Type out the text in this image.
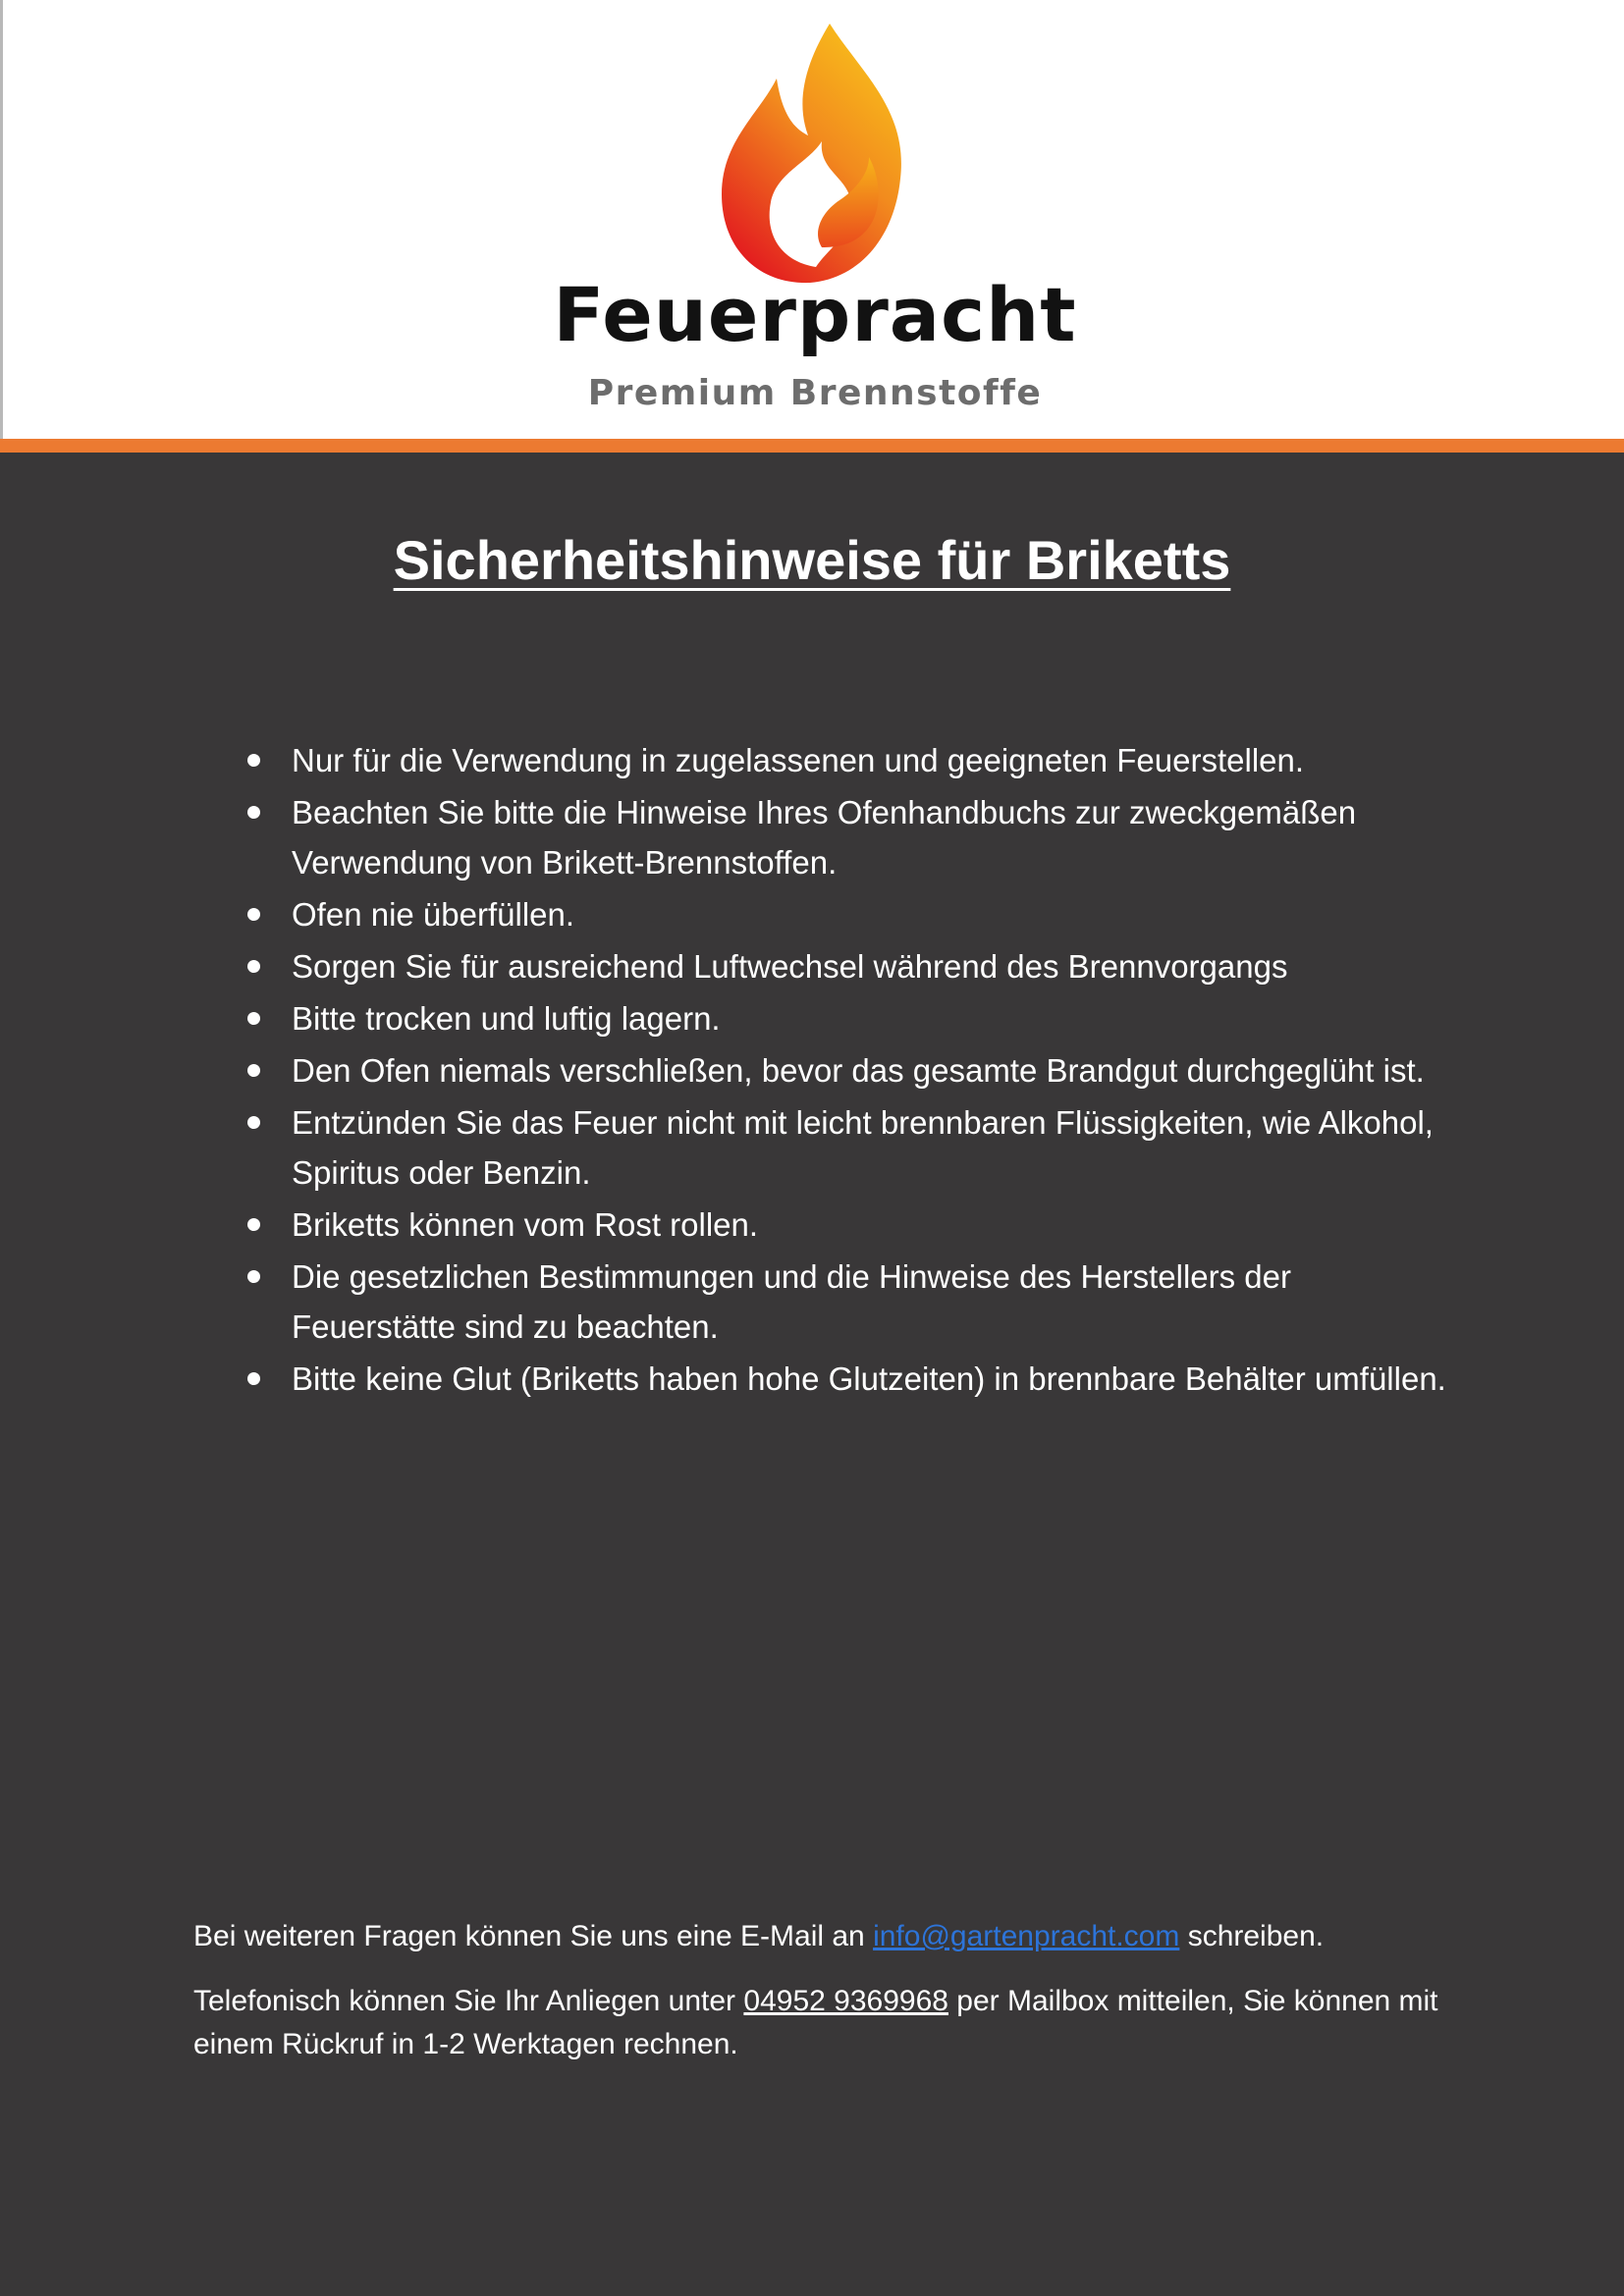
Feuerpracht
Premium Brennstoffe
Sicherheitshinweise für Briketts
Nur für die Verwendung in zugelassenen und geeigneten Feuerstellen.
Beachten Sie bitte die Hinweise Ihres Ofenhandbuchs zur zweckgemäßen Verwendung von Brikett-Brennstoffen.
Ofen nie überfüllen.
Sorgen Sie für ausreichend Luftwechsel während des Brennvorgangs
Bitte trocken und luftig lagern.
Den Ofen niemals verschließen, bevor das gesamte Brandgut durchgeglüht ist.
Entzünden Sie das Feuer nicht mit leicht brennbaren Flüssigkeiten, wie Alkohol, Spiritus oder Benzin.
Briketts können vom Rost rollen.
Die gesetzlichen Bestimmungen und die Hinweise des Herstellers der Feuerstätte sind zu beachten.
Bitte keine Glut (Briketts haben hohe Glutzeiten) in brennbare Behälter umfüllen.

Bei weiteren Fragen können Sie uns eine E-Mail an info@gartenpracht.com schreiben.

Telefonisch können Sie Ihr Anliegen unter 04952 9369968 per Mailbox mitteilen, Sie können mit einem Rückruf in 1-2 Werktagen rechnen.
